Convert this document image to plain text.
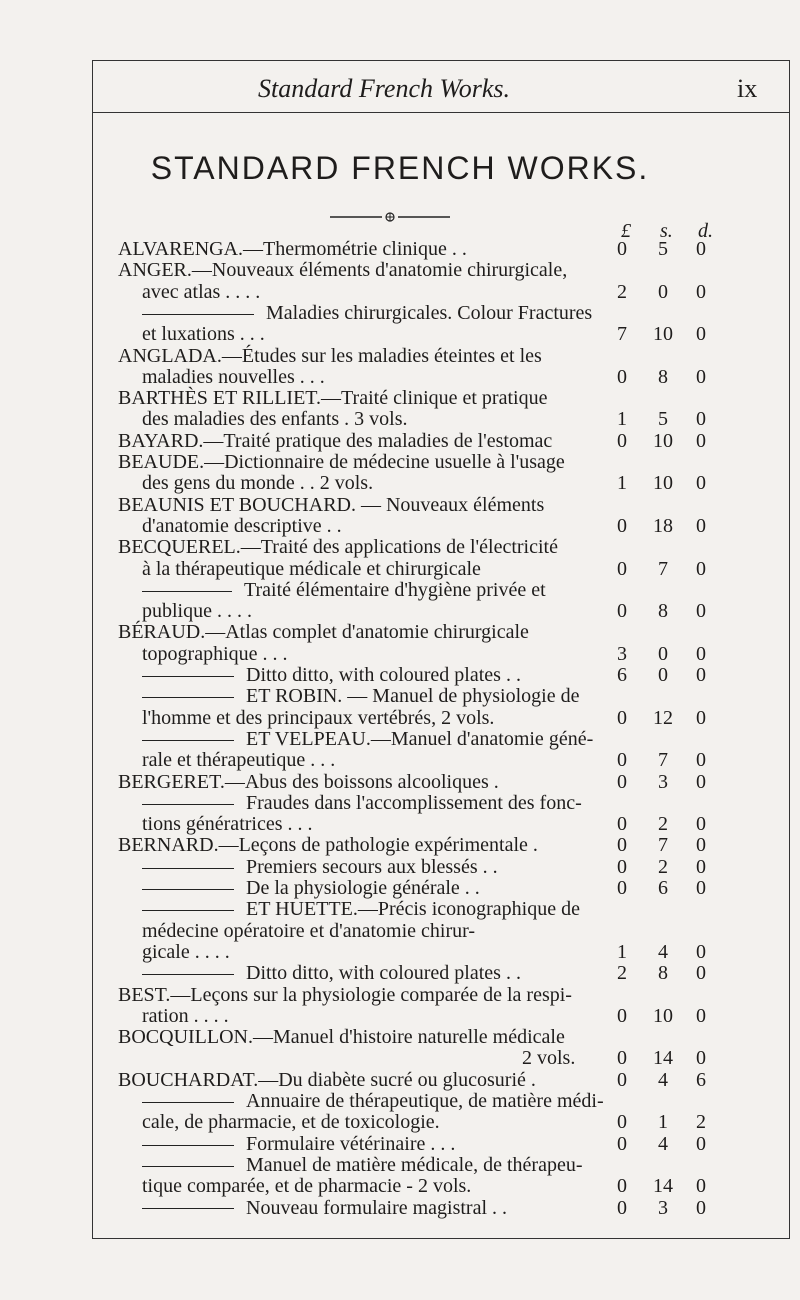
Standard French Works.	ix
STANDARD FRENCH WORKS.
£ s. d.
ALVARENGA.—Thermométrie clinique . .	0	5	0
ANGER.—Nouveaux éléments d'anatomie chirurgicale,
avec atlas . . . .	2	0	0
Maladies chirurgicales. Colour Fractures
et luxations . . .	7	10	0
ANGLADA.—Études sur les maladies éteintes et les
maladies nouvelles . . .	0	8	0
BARTHÈS ET RILLIET.—Traité clinique et pratique
des maladies des enfants . 3 vols.	1	5	0
BAYARD.—Traité pratique des maladies de l'estomac	0	10	0
BEAUDE.—Dictionnaire de médecine usuelle à l'usage
des gens du monde . . 2 vols.	1	10	0
BEAUNIS ET BOUCHARD. — Nouveaux éléments
d'anatomie descriptive . .	0	18	0
BECQUEREL.—Traité des applications de l'électricité
à la thérapeutique médicale et chirurgicale	0	7	0
Traité élémentaire d'hygiène privée et
publique . . . .	0	8	0
BÉRAUD.—Atlas complet d'anatomie chirurgicale
topographique . . .	3	0	0
Ditto ditto, with coloured plates . .	6	0	0
ET ROBIN. — Manuel de physiologie de
l'homme et des principaux vertébrés, 2 vols.	0	12	0
ET VELPEAU.—Manuel d'anatomie géné-
rale et thérapeutique . . .	0	7	0
BERGERET.—Abus des boissons alcooliques .	0	3	0
Fraudes dans l'accomplissement des fonc-
tions génératrices . . .	0	2	0
BERNARD.—Leçons de pathologie expérimentale .	0	7	0
Premiers secours aux blessés . .	0	2	0
De la physiologie générale . .	0	6	0
ET HUETTE.—Précis iconographique de
médecine opératoire et d'anatomie chirur-
gicale . . . .	1	4	0
Ditto ditto, with coloured plates . .	2	8	0
BEST.—Leçons sur la physiologie comparée de la respi-
ration . . . .	0	10	0
BOCQUILLON.—Manuel d'histoire naturelle médicale
2 vols.	0	14	0
BOUCHARDAT.—Du diabète sucré ou glucosurié .	0	4	6
Annuaire de thérapeutique, de matière médi-
cale, de pharmacie, et de toxicologie.	0	1	2
Formulaire vétérinaire . . .	0	4	0
Manuel de matière médicale, de thérapeu-
tique comparée, et de pharmacie - 2 vols.	0	14	0
Nouveau formulaire magistral . .	0	3	0
